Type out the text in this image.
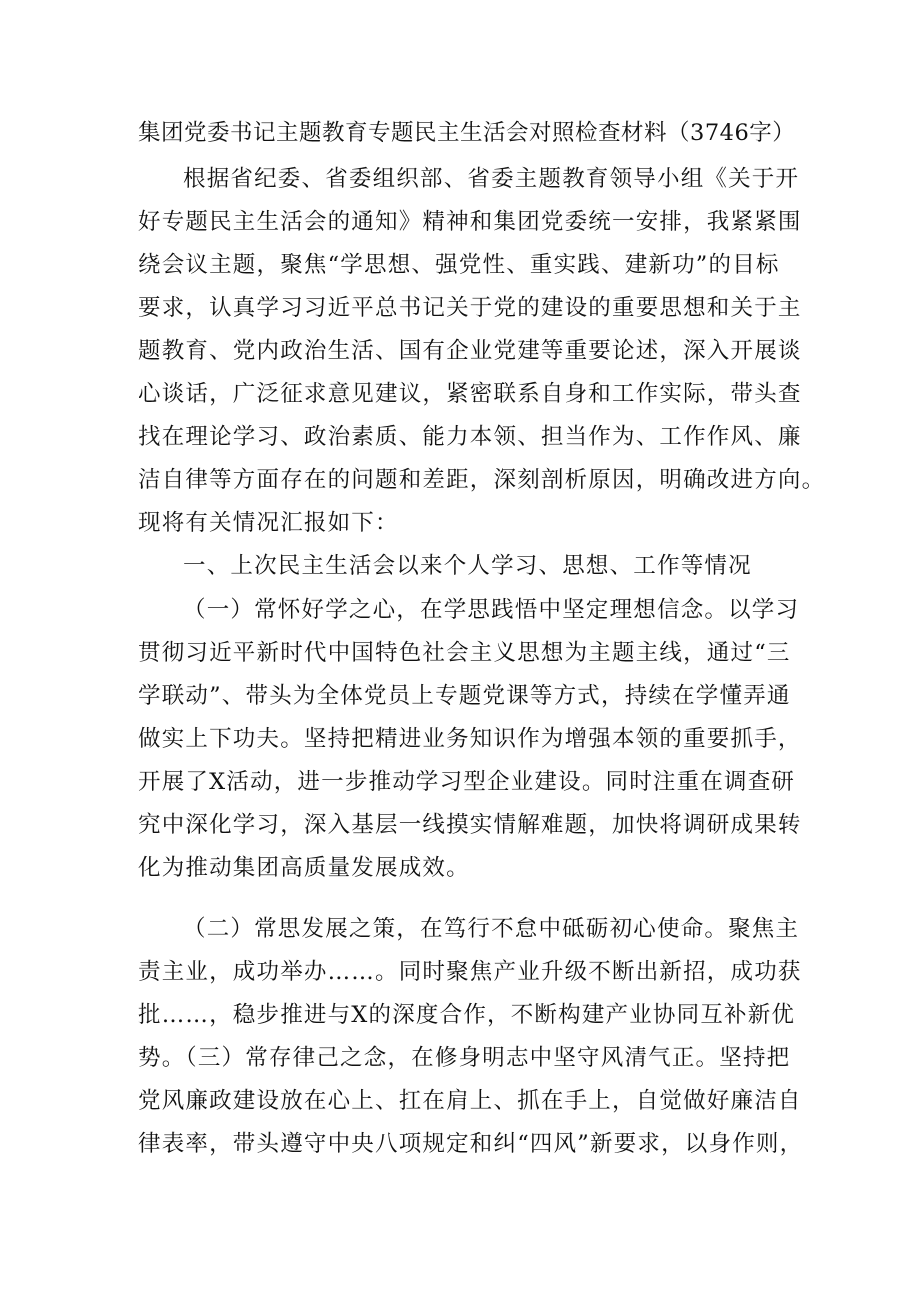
集团党委书记主题教育专题民主生活会对照检查材料（3746字）
根据省纪委、省委组织部、省委主题教育领导小组《关于开
好专题民主生活会的通知》精神和集团党委统一安排，我紧紧围
绕会议主题，聚焦“学思想、强党性、重实践、建新功”的目标
要求，认真学习习近平总书记关于党的建设的重要思想和关于主
题教育、党内政治生活、国有企业党建等重要论述，深入开展谈
心谈话，广泛征求意见建议，紧密联系自身和工作实际，带头查
找在理论学习、政治素质、能力本领、担当作为、工作作风、廉
洁自律等方面存在的问题和差距，深刻剖析原因，明确改进方向。
现将有关情况汇报如下：
一、上次民主生活会以来个人学习、思想、工作等情况
（一）常怀好学之心，在学思践悟中坚定理想信念。以学习
贯彻习近平新时代中国特色社会主义思想为主题主线，通过“三
学联动”、带头为全体党员上专题党课等方式，持续在学懂弄通
做实上下功夫。坚持把精进业务知识作为增强本领的重要抓手，
开展了X活动，进一步推动学习型企业建设。同时注重在调查研
究中深化学习，深入基层一线摸实情解难题，加快将调研成果转
化为推动集团高质量发展成效。
（二）常思发展之策，在笃行不怠中砥砺初心使命。聚焦主
责主业，成功举办……。同时聚焦产业升级不断出新招，成功获
批……，稳步推进与X的深度合作，不断构建产业协同互补新优
势。（三）常存律己之念，在修身明志中坚守风清气正。坚持把
党风廉政建设放在心上、扛在肩上、抓在手上，自觉做好廉洁自
律表率，带头遵守中央八项规定和纠“四风”新要求，以身作则，
